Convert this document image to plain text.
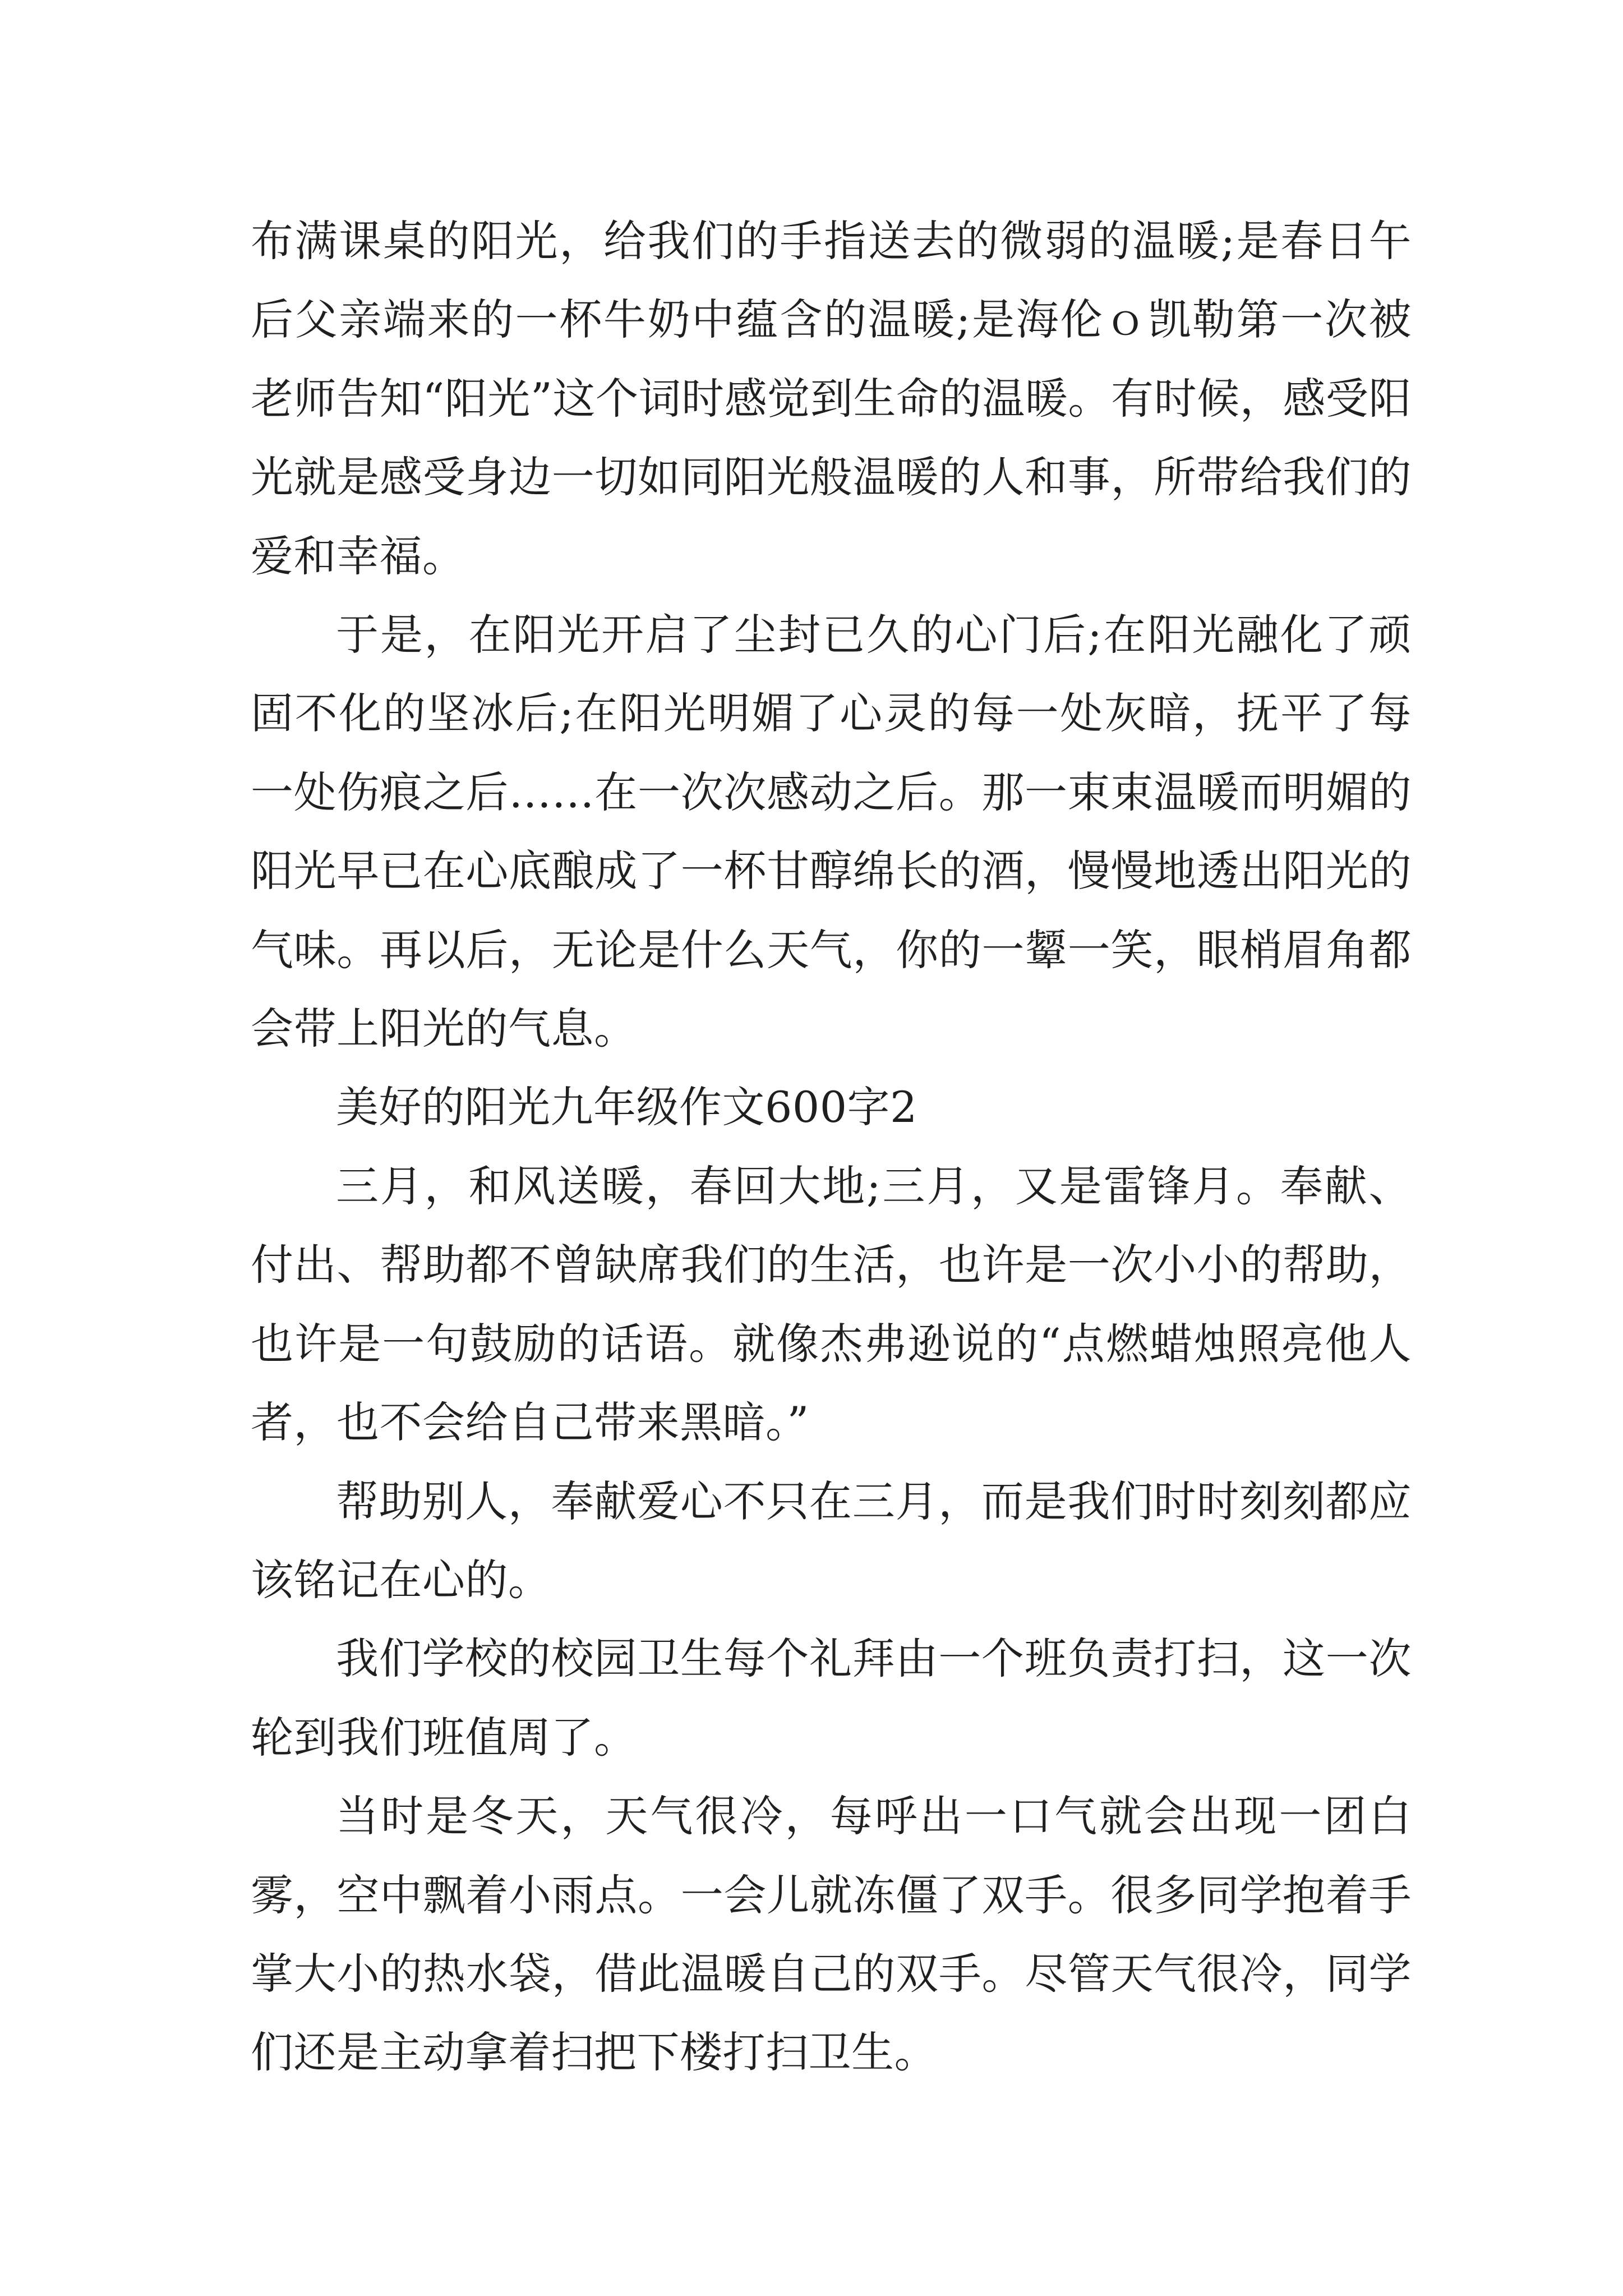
布满课桌的阳光，给我们的手指送去的微弱的温暖;是春日午后父亲端来的一杯牛奶中蕴含的温暖;是海伦ｏ凯勒第一次被老师告知“阳光”这个词时感觉到生命的温暖。有时候，感受阳光就是感受身边一切如同阳光般温暖的人和事，所带给我们的爱和幸福。

于是，在阳光开启了尘封已久的心门后;在阳光融化了顽固不化的坚冰后;在阳光明媚了心灵的每一处灰暗，抚平了每一处伤痕之后……在一次次感动之后。那一束束温暖而明媚的阳光早已在心底酿成了一杯甘醇绵长的酒，慢慢地透出阳光的气味。再以后，无论是什么天气，你的一颦一笑，眼梢眉角都会带上阳光的气息。

美好的阳光九年级作文600字2

三月，和风送暖，春回大地;三月，又是雷锋月。奉献、付出、帮助都不曾缺席我们的生活，也许是一次小小的帮助，也许是一句鼓励的话语。就像杰弗逊说的“点燃蜡烛照亮他人者，也不会给自己带来黑暗。”

帮助别人，奉献爱心不只在三月，而是我们时时刻刻都应该铭记在心的。

我们学校的校园卫生每个礼拜由一个班负责打扫，这一次轮到我们班值周了。

当时是冬天，天气很冷，每呼出一口气就会出现一团白雾，空中飘着小雨点。一会儿就冻僵了双手。很多同学抱着手掌大小的热水袋，借此温暖自己的双手。尽管天气很冷，同学们还是主动拿着扫把下楼打扫卫生。
